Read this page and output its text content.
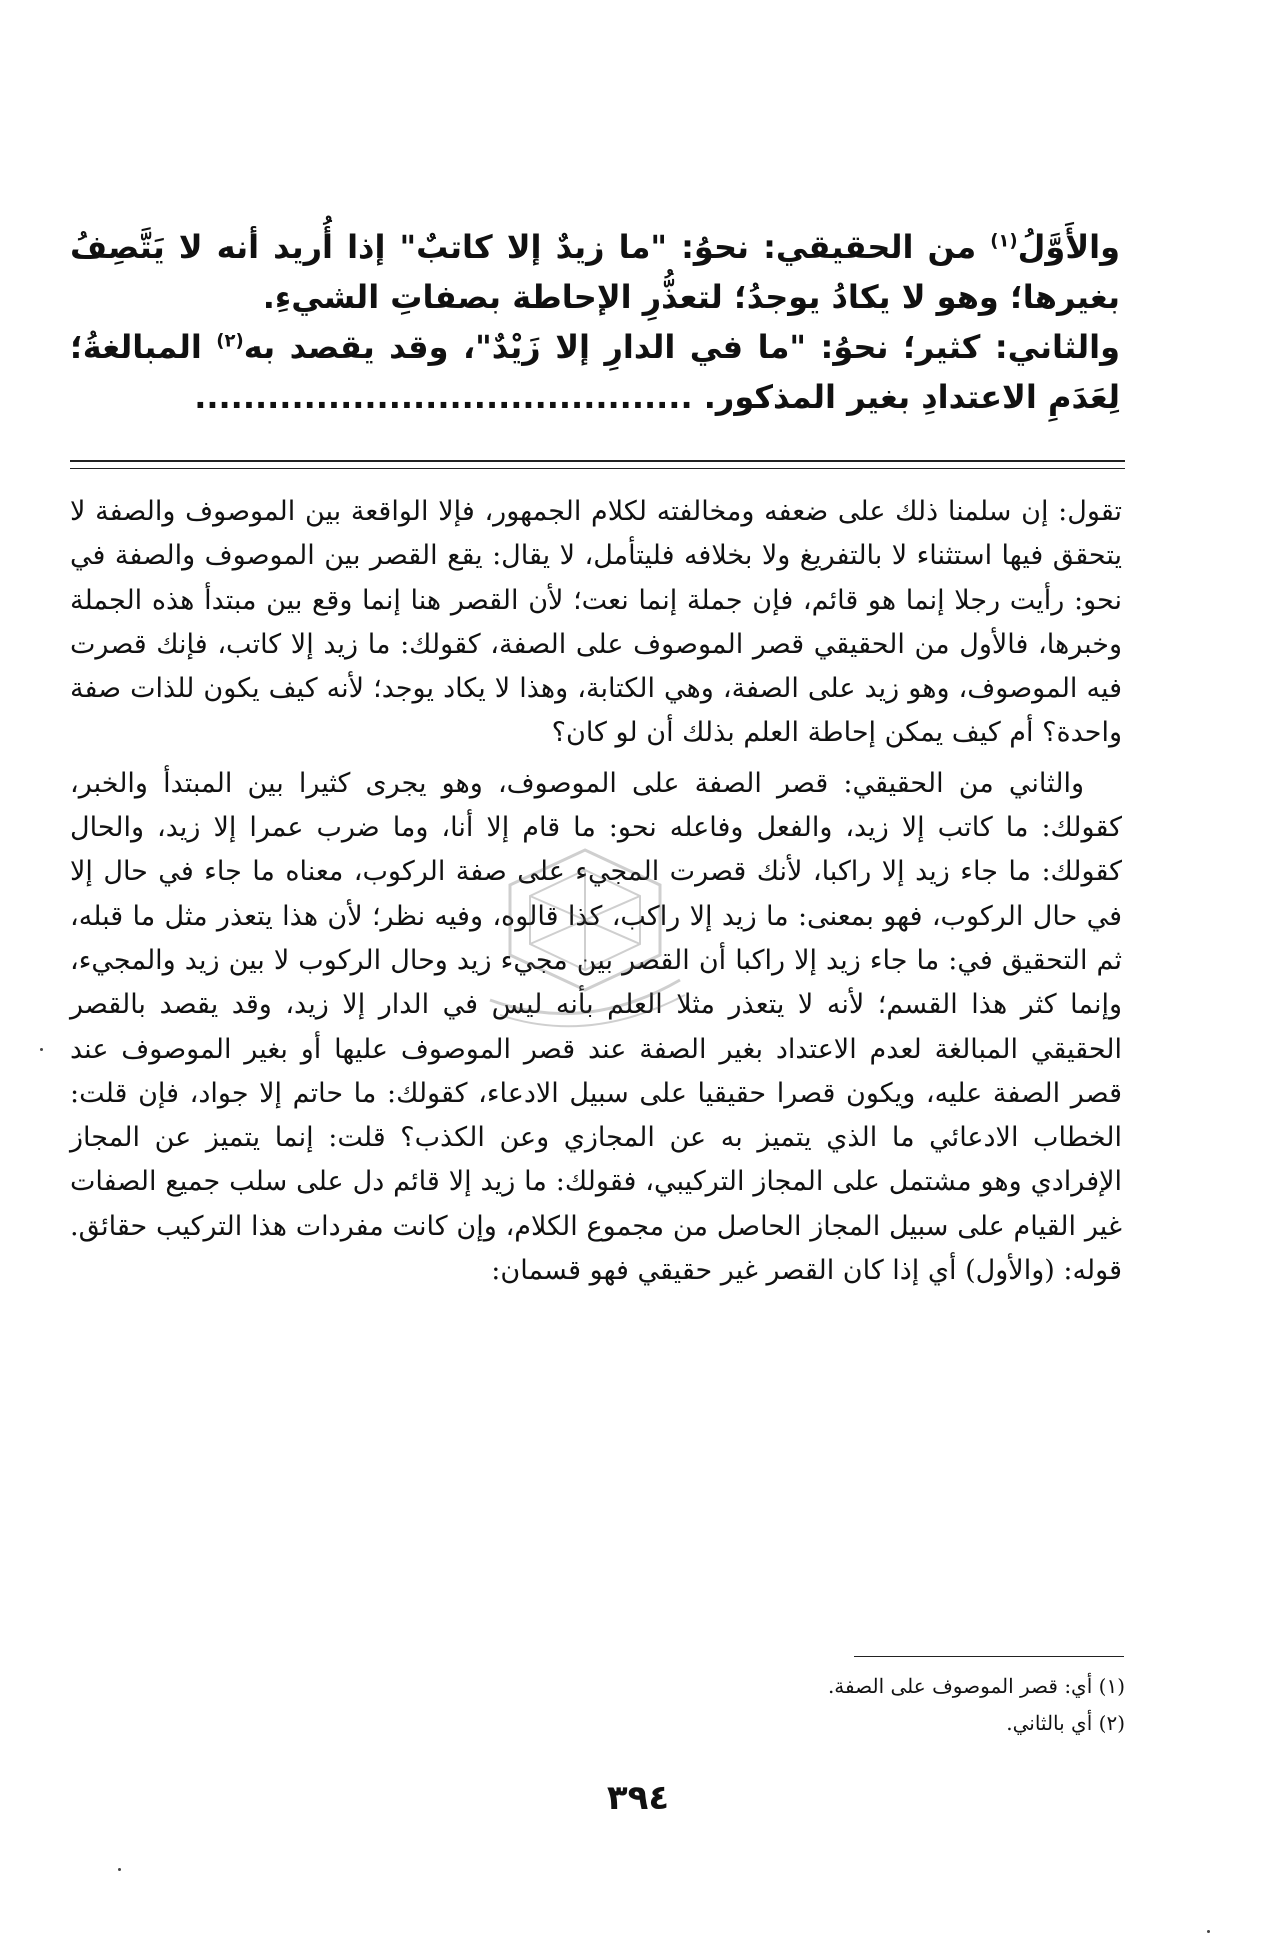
والأَوَّلُ$^{(١)}$ من الحقيقي: نحوُ: "ما زيدٌ إلا كاتبٌ" إذا أُريد أنه لا يَتَّصِفُ بغيرها؛ وهو لا يكادُ يوجدُ؛ لتعذُّرِ الإحاطة بصفاتِ الشيءِ.

والثاني: كثير؛ نحوُ: "ما في الدارِ إلا زَيْدٌ"، وقد يقصد به$^{(٢)}$ المبالغةُ؛ لِعَدَمِ الاعتدادِ بغير المذكور. .........................................

تقول: إن سلمنا ذلك على ضعفه ومخالفته لكلام الجمهور، فإلا الواقعة بين الموصوف والصفة لا يتحقق فيها استثناء لا بالتفريغ ولا بخلافه فليتأمل، لا يقال: يقع القصر بين الموصوف والصفة في نحو: رأيت رجلا إنما هو قائم، فإن جملة إنما نعت؛ لأن القصر هنا إنما وقع بين مبتدأ هذه الجملة وخبرها، فالأول من الحقيقي قصر الموصوف على الصفة، كقولك: ما زيد إلا كاتب، فإنك قصرت فيه الموصوف، وهو زيد على الصفة، وهي الكتابة، وهذا لا يكاد يوجد؛ لأنه كيف يكون للذات صفة واحدة؟ أم كيف يمكن إحاطة العلم بذلك أن لو كان؟

والثاني من الحقيقي: قصر الصفة على الموصوف، وهو يجرى كثيرا بين المبتدأ والخبر، كقولك: ما كاتب إلا زيد، والفعل وفاعله نحو: ما قام إلا أنا، وما ضرب عمرا إلا زيد، والحال كقولك: ما جاء زيد إلا راكبا، لأنك قصرت المجيء على صفة الركوب، معناه ما جاء في حال إلا في حال الركوب، فهو بمعنى: ما زيد إلا راكب، كذا قالوه، وفيه نظر؛ لأن هذا يتعذر مثل ما قبله، ثم التحقيق في: ما جاء زيد إلا راكبا أن القصر بين مجيء زيد وحال الركوب لا بين زيد والمجيء، وإنما كثر هذا القسم؛ لأنه لا يتعذر مثلا العلم بأنه ليس في الدار إلا زيد، وقد يقصد بالقصر الحقيقي المبالغة لعدم الاعتداد بغير الصفة عند قصر الموصوف عليها أو بغير الموصوف عند قصر الصفة عليه، ويكون قصرا حقيقيا على سبيل الادعاء، كقولك: ما حاتم إلا جواد، فإن قلت: الخطاب الادعائي ما الذي يتميز به عن المجازي وعن الكذب؟ قلت: إنما يتميز عن المجاز الإفرادي وهو مشتمل على المجاز التركيبي، فقولك: ما زيد إلا قائم دل على سلب جميع الصفات غير القيام على سبيل المجاز الحاصل من مجموع الكلام، وإن كانت مفردات هذا التركيب حقائق. قوله: (والأول) أي إذا كان القصر غير حقيقي فهو قسمان:

(١) أي: قصر الموصوف على الصفة.

(٢) أي بالثاني.

٣٩٤
